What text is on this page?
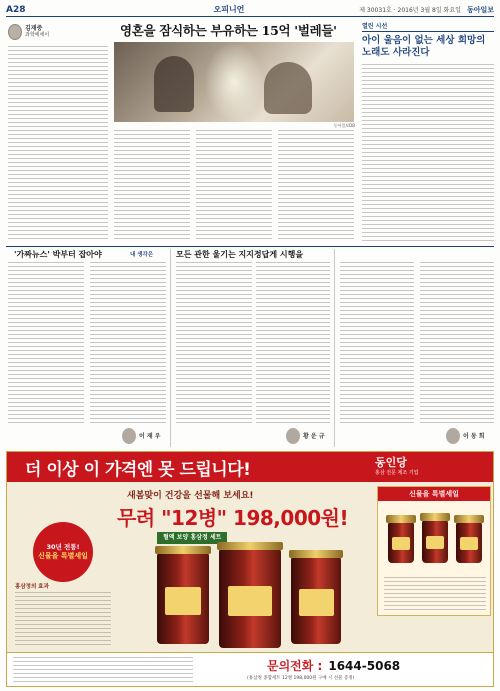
A28	오피니언	제 30031호 · 2016년 3월 8일 화요일 동아일보
김재중
과학에세이	영혼을 잠식하는 부유하는 15억 '벌레들'
동아일보DB
열린 시선
아이 울음이 없는 세상 희망의 노래도 사라진다
'가짜뉴스' 박부터 잡아야	내 생각은	모든 관한 울기는 지지정답게 시행을
이 재 우	황 운 규	이 동 희
더 이상 이 가격엔 못 드립니다!	동인당
홍삼 전문 제조 기업
새봄맞이 건강을 선물해 보세요!
무려 "12병" 198,000원!
혈액 보양 홍삼정 세트
30년 전통!
신물을 특별세일
홍삼정의 효과
신물을 특별세일
문의전화 : 1644-5068
(홍삼정 종합세트 12병 198,000원 구매 시 선물 증정)
